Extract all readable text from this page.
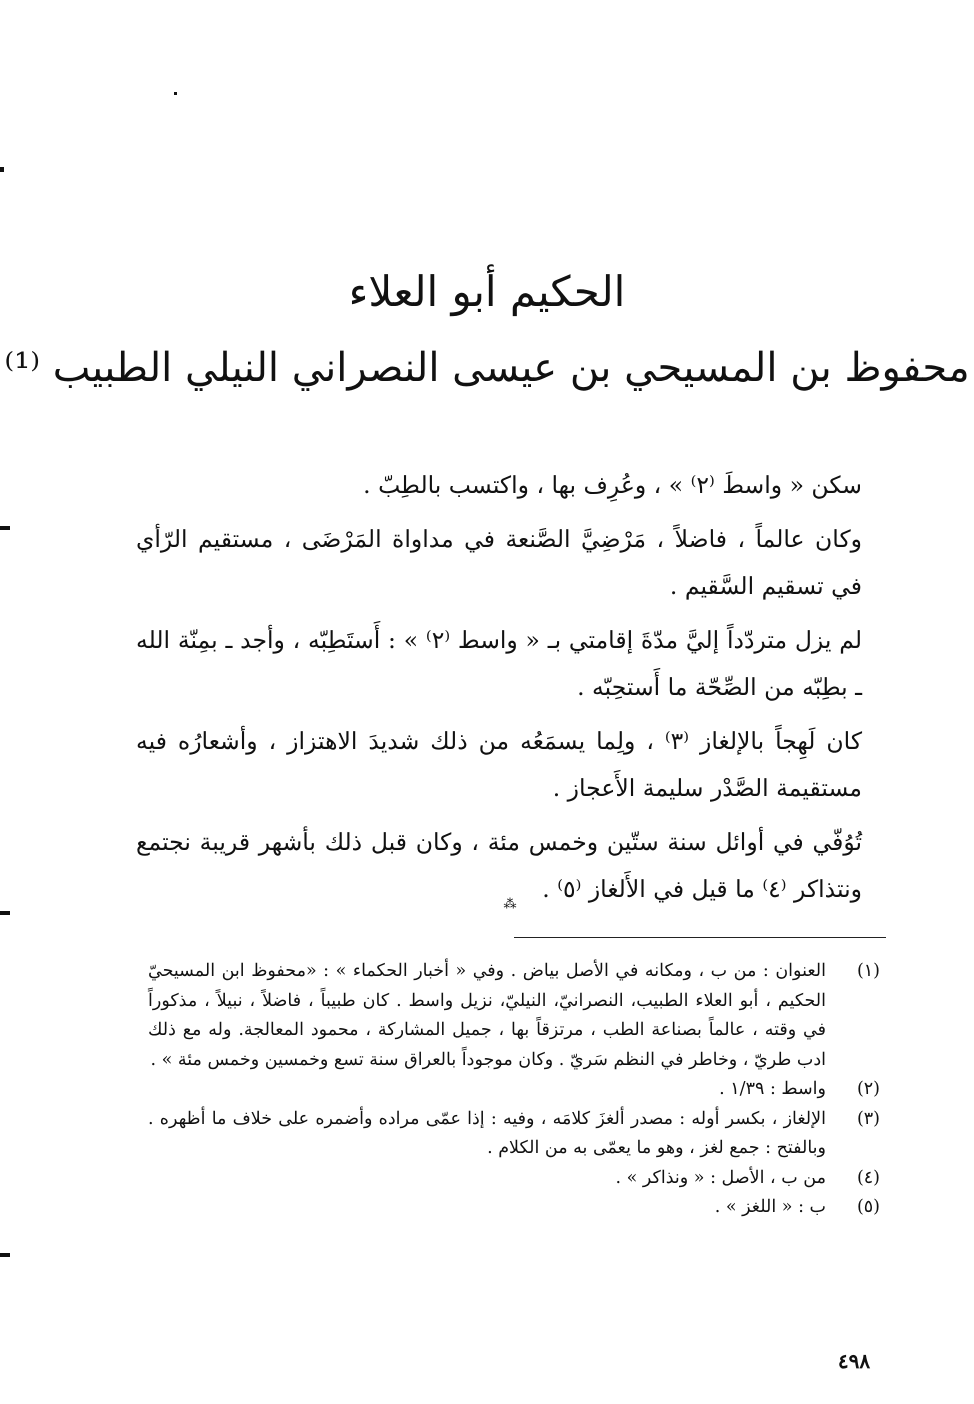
الحكيم أبو العلاء
محفوظ بن المسيحي بن عيسى النصراني النيلي الطبيب ⁽¹⁾

سكن « واسطَ ⁽٢⁾ » ، وعُرِف بها ، واكتسب بالطِبّ .

وكان عالماً ، فاضلاً ، مَرْضِيَّ الصَّنعة في مداواة المَرْضَى ، مستقيم الرّأي في تسقيم السَّقيم .

لم يزل متردّداً إليَّ مدّةَ إقامتي بـ « واسط ⁽٢⁾ » : أَستَطِبّه ، وأجد ـ بمِنّة الله ـ بطِبّه من الصِّحّة ما أَستحِبّه .

كان لَهِجاً بالإلغاز ⁽٣⁾ ، ولِما يسمَعُه من ذلك شديدَ الاهتزاز ، وأشعارُه فيه مستقيمة الصَّدْر سليمة الأَعجاز .

تُوُفّي في أوائل سنة ستّين وخمس مئة ، وكان قبل ذلك بأشهر قريبة نجتمع ونتذاكر ⁽٤⁾ ما قيل في الأَلغاز ⁽٥⁾ .

⁂
(١)
العنوان : من ب ، ومكانه في الأصل بياض . وفي « أخبار الحكماء » : «محفوظ ابن المسيحيّ الحكيم ، أبو العلاء الطبيب، النصرانيّ، النيليّ، نزيل واسط . كان طبيباً ، فاضلاً ، نبيلاً ، مذكوراً في وقته ، عالماً بصناعة الطب ، مرتزقاً بها ، جميل المشاركة ، محمود المعالجة. وله مع ذلك ادب طريّ ، وخاطر في النظم سَريّ . وكان موجوداً بالعراق سنة تسع وخمسين وخمس مئة » .
(٢)
واسط : ١/٣٩ .
(٣)
الإلغاز ، بكسر أوله : مصدر ألغزَ كلامَه ، وفيه : إذا عمّى مراده وأضمره على خلاف ما أظهره . وبالفتح : جمع لغز ، وهو ما يعمّى به من الكلام .
(٤)
من ب ، الأصل : « ونذاكر » .
(٥)
ب : « اللغز » .
٤٩٨
